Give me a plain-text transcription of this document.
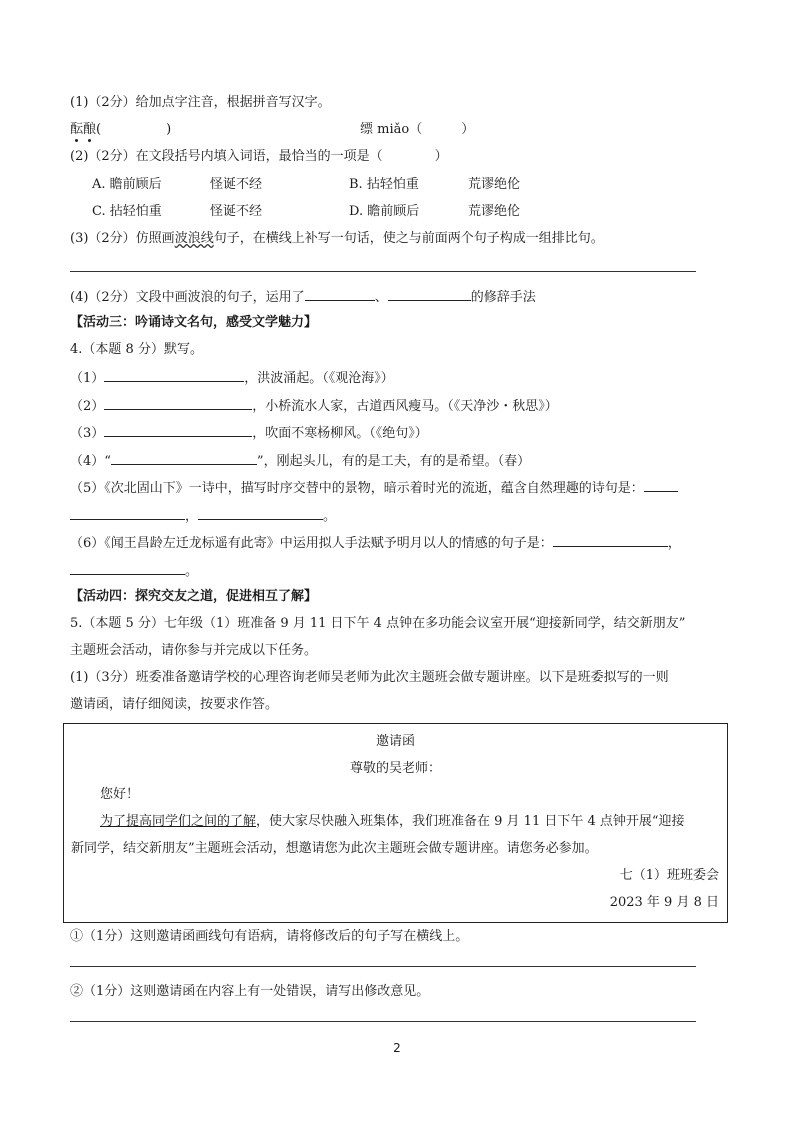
(1)（2分）给加点字注音，根据拼音写汉字。
酝酿(　　　　　)	缥 miǎo（　　　）
(2)（2分）在文段括号内填入词语，最恰当的一项是（　　　　）
A. 瞻前顾后	怪诞不经	B. 拈轻怕重	荒谬绝伦
C. 拈轻怕重	怪诞不经	D. 瞻前顾后	荒谬绝伦
(3)（2分）仿照画波浪线句子，在横线上补写一句话，使之与前面两个句子构成一组排比句。
(4)（2分）文段中画波浪的句子，运用了	、	的修辞手法
【活动三：吟诵诗文名句，感受文学魅力】
4.（本题 8 分）默写。
（1）	，洪波涌起。（《观沧海》）
（2）	，小桥流水人家，古道西风瘦马。（《天净沙・秋思》）
（3）	，吹面不寒杨柳风。（《绝句》）
（4）“	”，刚起头儿，有的是工夫，有的是希望。（春）
（5）《次北固山下》一诗中，描写时序交替中的景物，暗示着时光的流逝，蕴含自然理趣的诗句是：
，	。
（6）《闻王昌龄左迁龙标遥有此寄》中运用拟人手法赋予明月以人的情感的句子是：	，
。
【活动四：探究交友之道，促进相互了解】
5.（本题 5 分）七年级（1）班准备 9 月 11 日下午 4 点钟在多功能会议室开展“迎接新同学，结交新朋友”
主题班会活动，请你参与并完成以下任务。
(1)（3分）班委准备邀请学校的心理咨询老师吴老师为此次主题班会做专题讲座。以下是班委拟写的一则
邀请函，请仔细阅读，按要求作答。
邀请函
尊敬的吴老师：
您好！
为了提高同学们之间的了解，使大家尽快融入班集体，我们班准备在 9 月 11 日下午 4 点钟开展“迎接
新同学，结交新朋友”主题班会活动，想邀请您为此次主题班会做专题讲座。请您务必参加。
七（1）班班委会
2023 年 9 月 8 日
①（1分）这则邀请函画线句有语病，请将修改后的句子写在横线上。
②（1分）这则邀请函在内容上有一处错误，请写出修改意见。
2
